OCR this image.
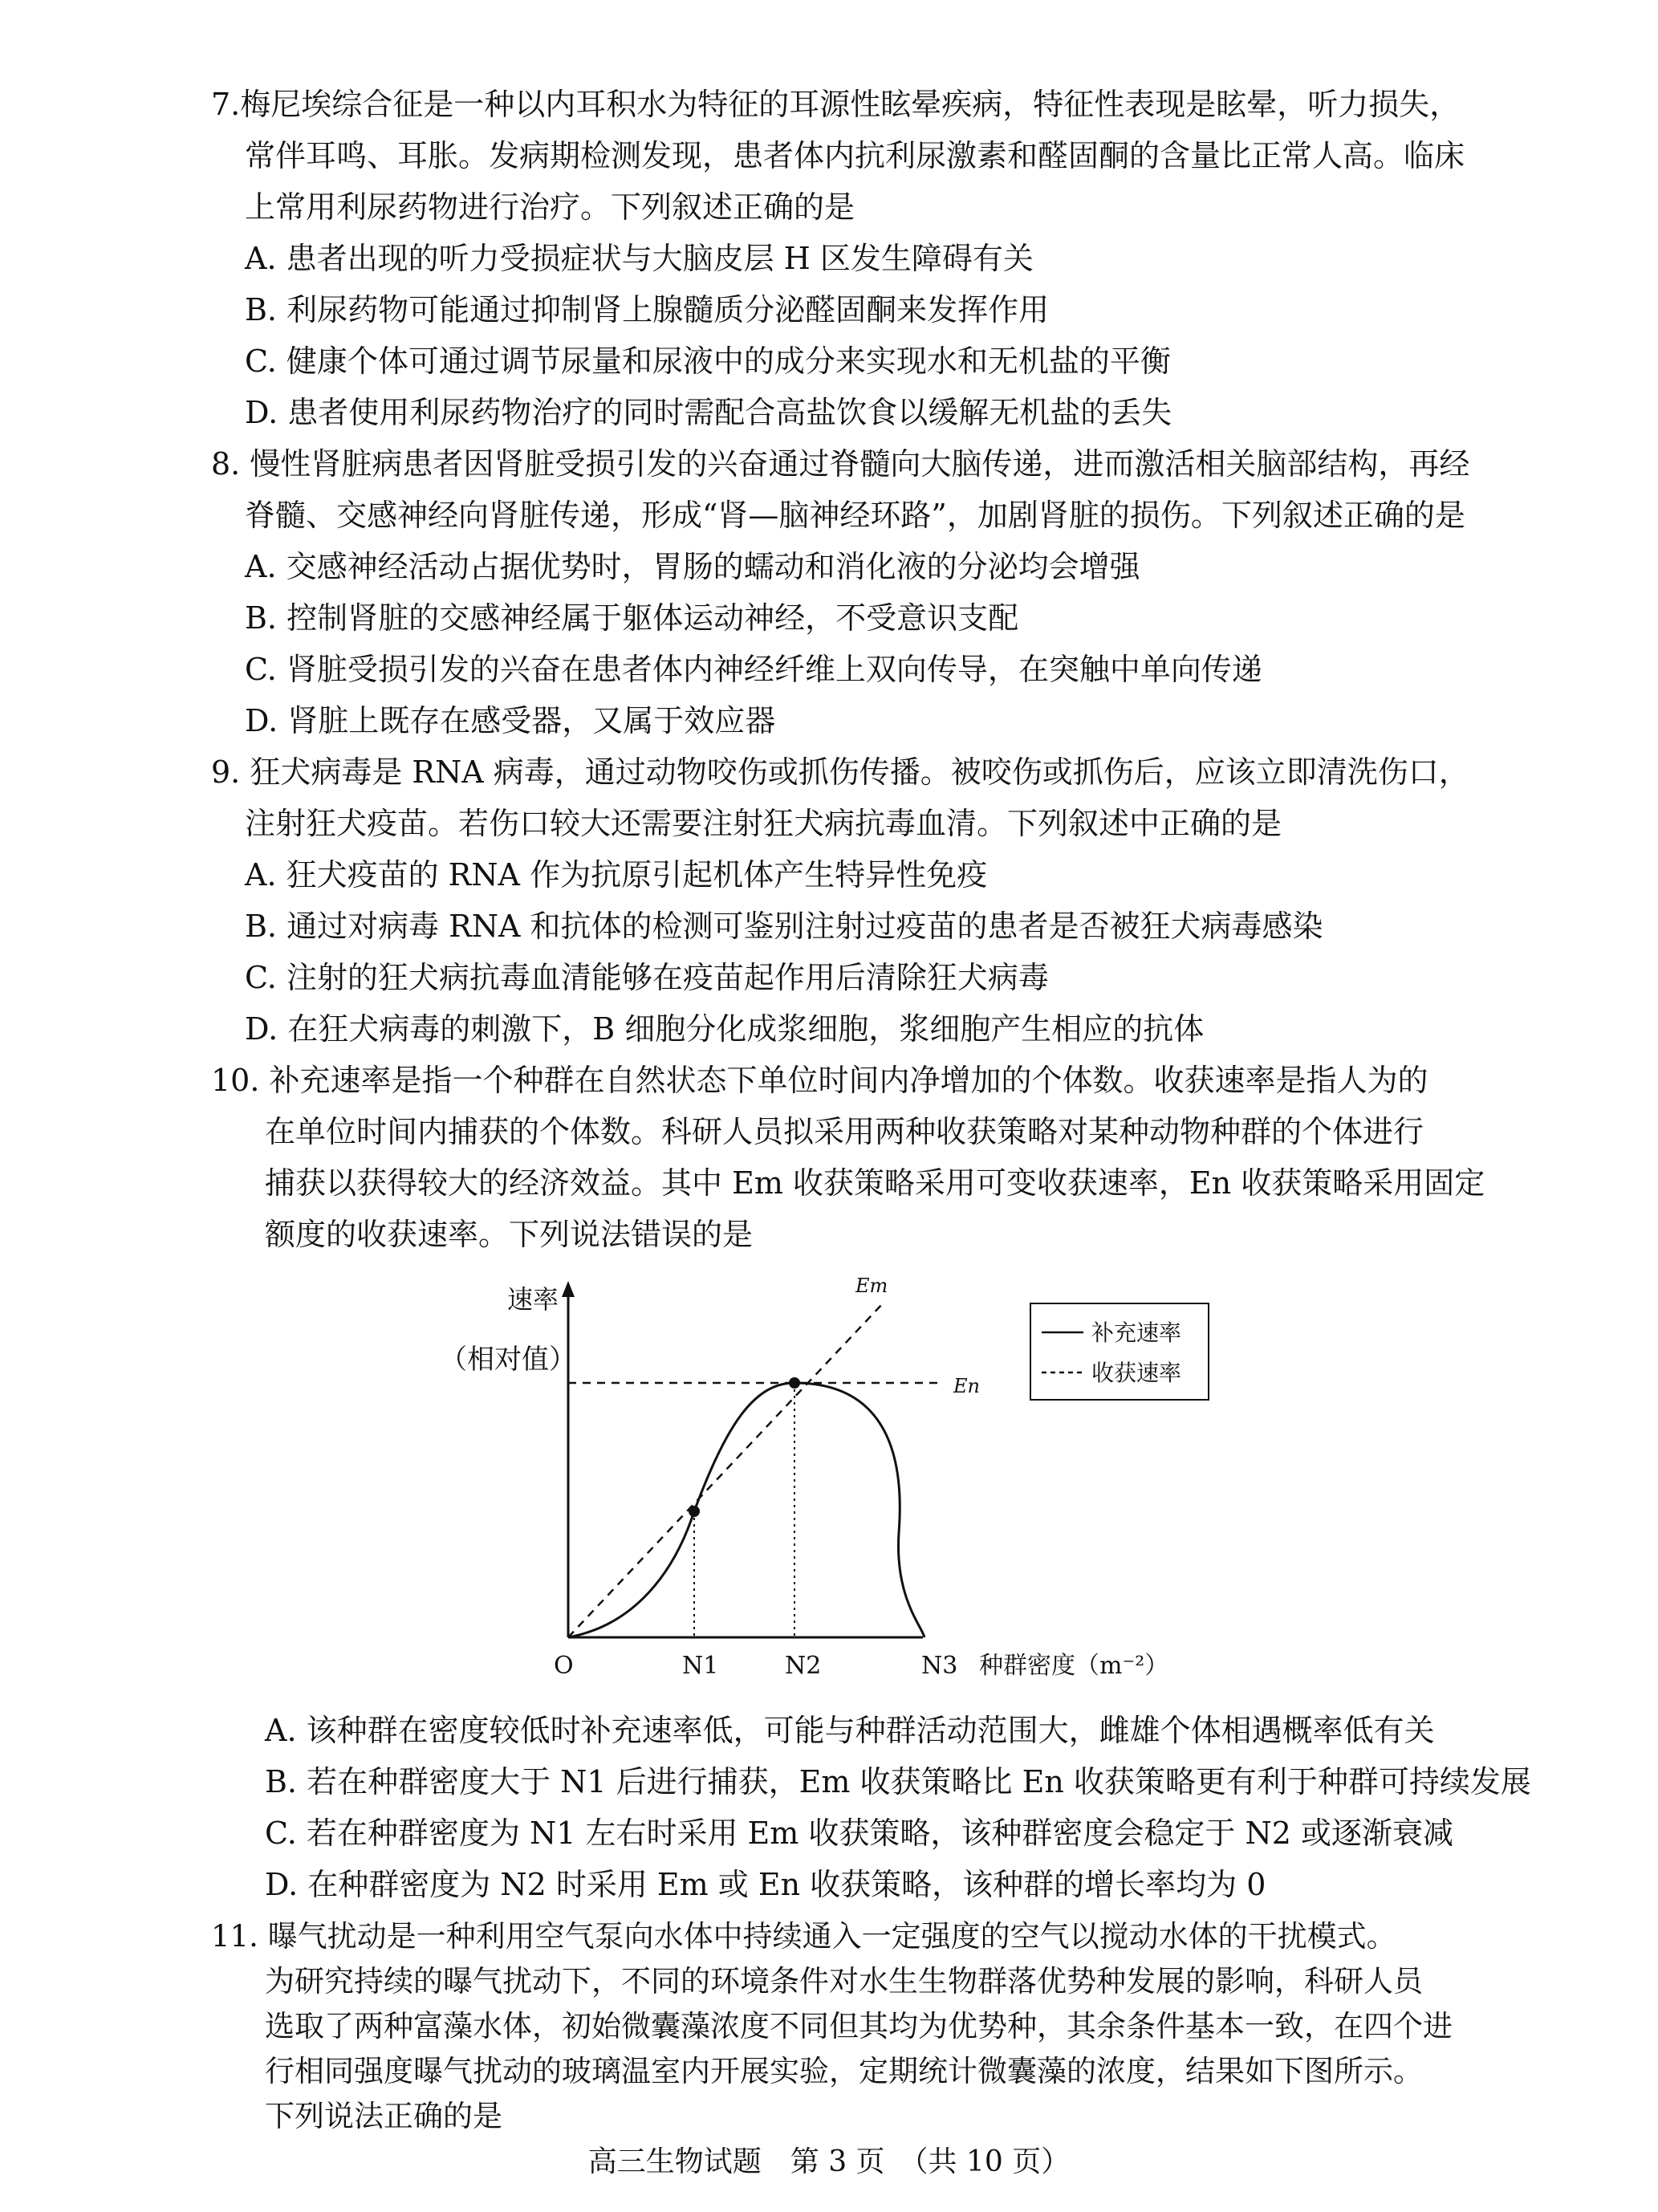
7.梅尼埃综合征是一种以内耳积水为特征的耳源性眩晕疾病，特征性表现是眩晕，听力损失，
常伴耳鸣、耳胀。发病期检测发现，患者体内抗利尿激素和醛固酮的含量比正常人高。临床
上常用利尿药物进行治疗。下列叙述正确的是
A. 患者出现的听力受损症状与大脑皮层 H 区发生障碍有关
B. 利尿药物可能通过抑制肾上腺髓质分泌醛固酮来发挥作用
C. 健康个体可通过调节尿量和尿液中的成分来实现水和无机盐的平衡
D. 患者使用利尿药物治疗的同时需配合高盐饮食以缓解无机盐的丢失
8. 慢性肾脏病患者因肾脏受损引发的兴奋通过脊髓向大脑传递，进而激活相关脑部结构，再经
脊髓、交感神经向肾脏传递，形成“肾—脑神经环路”，加剧肾脏的损伤。下列叙述正确的是
A. 交感神经活动占据优势时，胃肠的蠕动和消化液的分泌均会增强
B. 控制肾脏的交感神经属于躯体运动神经，不受意识支配
C. 肾脏受损引发的兴奋在患者体内神经纤维上双向传导，在突触中单向传递
D. 肾脏上既存在感受器，又属于效应器
9. 狂犬病毒是 RNA 病毒，通过动物咬伤或抓伤传播。被咬伤或抓伤后，应该立即清洗伤口，
注射狂犬疫苗。若伤口较大还需要注射狂犬病抗毒血清。下列叙述中正确的是
A. 狂犬疫苗的 RNA 作为抗原引起机体产生特异性免疫
B. 通过对病毒 RNA 和抗体的检测可鉴别注射过疫苗的患者是否被狂犬病毒感染
C. 注射的狂犬病抗毒血清能够在疫苗起作用后清除狂犬病毒
D. 在狂犬病毒的刺激下，B 细胞分化成浆细胞，浆细胞产生相应的抗体
10. 补充速率是指一个种群在自然状态下单位时间内净增加的个体数。收获速率是指人为的
在单位时间内捕获的个体数。科研人员拟采用两种收获策略对某种动物种群的个体进行
捕获以获得较大的经济效益。其中 Em 收获策略采用可变收获速率，En 收获策略采用固定
额度的收获速率。下列说法错误的是
速率
（相对值）
O	N1	N2	N3 种群密度（m⁻²）
En
Em
补充速率
收获速率
A. 该种群在密度较低时补充速率低，可能与种群活动范围大，雌雄个体相遇概率低有关
B. 若在种群密度大于 N1 后进行捕获，Em 收获策略比 En 收获策略更有利于种群可持续发展
C. 若在种群密度为 N1 左右时采用 Em 收获策略，该种群密度会稳定于 N2 或逐渐衰减
D. 在种群密度为 N2 时采用 Em 或 En 收获策略，该种群的增长率均为 0
11. 曝气扰动是一种利用空气泵向水体中持续通入一定强度的空气以搅动水体的干扰模式。
为研究持续的曝气扰动下，不同的环境条件对水生生物群落优势种发展的影响，科研人员
选取了两种富藻水体，初始微囊藻浓度不同但其均为优势种，其余条件基本一致，在四个进
行相同强度曝气扰动的玻璃温室内开展实验，定期统计微囊藻的浓度，结果如下图所示。
下列说法正确的是
高三生物试题　第 3 页　（共 10 页）
